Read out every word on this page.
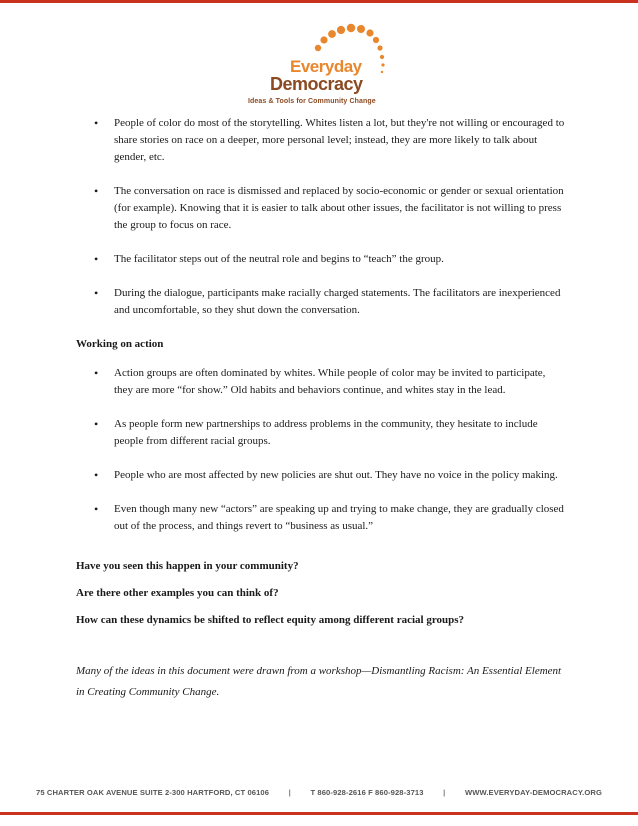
Everyday
Democracy
Ideas & Tools for Community Change
• People of color do most of the storytelling. Whites listen a lot, but they're not willing or encouraged to share stories on race on a deeper, more personal level; instead, they are more likely to talk about gender, etc.
• The conversation on race is dismissed and replaced by socio-economic or gender or sexual orientation (for example). Knowing that it is easier to talk about other issues, the facilitator is not willing to press the group to focus on race.
• The facilitator steps out of the neutral role and begins to “teach” the group.
• During the dialogue, participants make racially charged statements. The facilitators are inexperienced and uncomfortable, so they shut down the conversation.
Working on action
• Action groups are often dominated by whites. While people of color may be invited to participate, they are more “for show.” Old habits and behaviors continue, and whites stay in the lead.
• As people form new partnerships to address problems in the community, they hesitate to include people from different racial groups.
• People who are most affected by new policies are shut out. They have no voice in the policy making.
• Even though many new “actors” are speaking up and trying to make change, they are gradually closed out of the process, and things revert to “business as usual.”

Have you seen this happen in your community?

Are there other examples you can think of?

How can these dynamics be shifted to reflect equity among different racial groups?

Many of the ideas in this document were drawn from a workshop—Dismantling Racism: An Essential Element in Creating Community Change.

75 CHARTER OAK AVENUE SUITE 2-300 HARTFORD, CT 06106	|	T 860-928-2616 F 860-928-3713	|	WWW.EVERYDAY-DEMOCRACY.ORG
